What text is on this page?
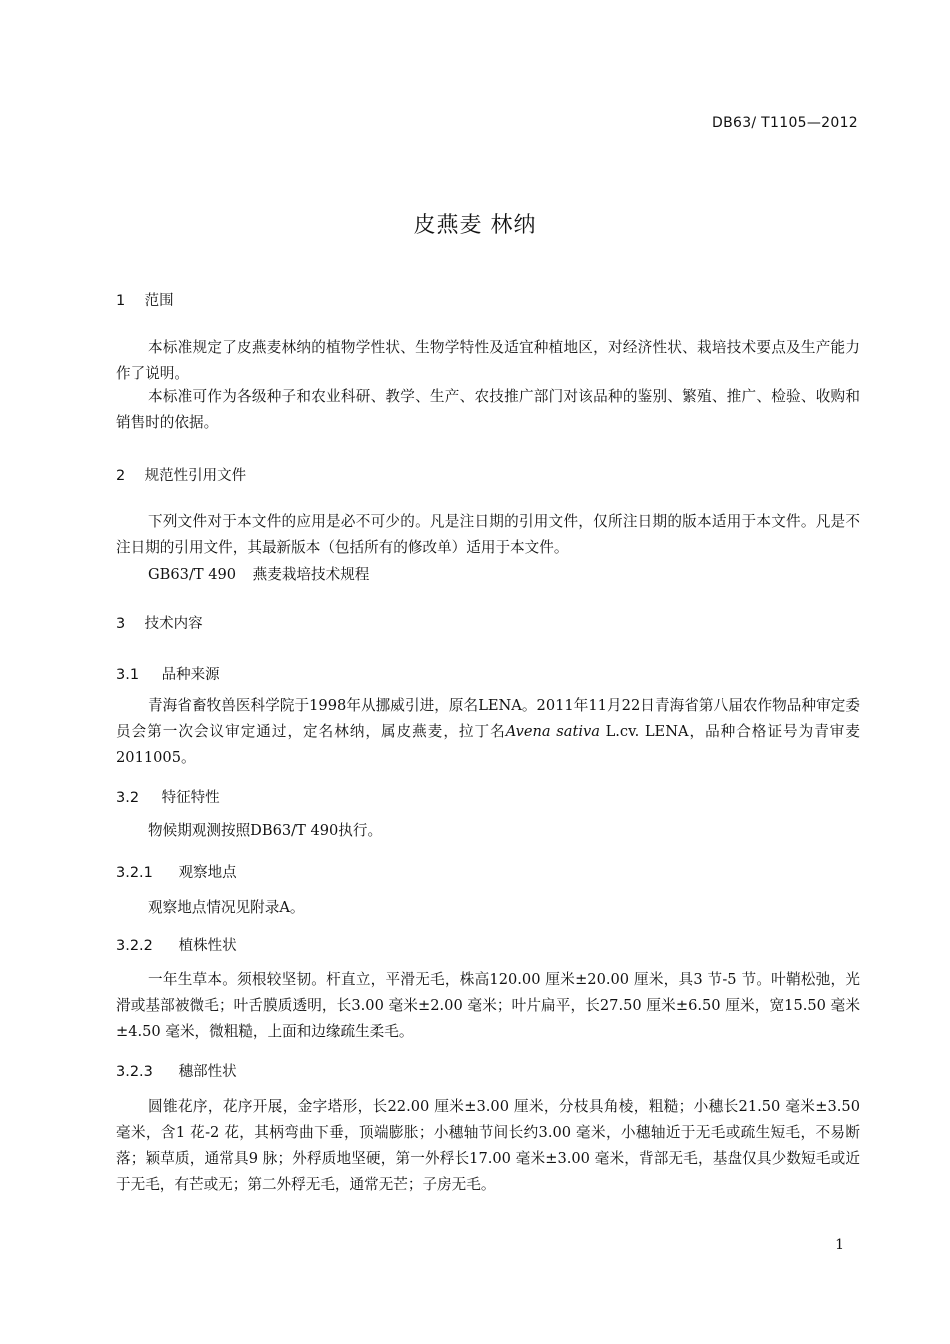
DB63/ T1105—2012
皮燕麦 林纳
1 范围

本标准规定了皮燕麦林纳的植物学性状、生物学特性及适宜种植地区，对经济性状、栽培技术要点及生产能力作了说明。

本标准可作为各级种子和农业科研、教学、生产、农技推广部门对该品种的鉴别、繁殖、推广、检验、收购和销售时的依据。

2 规范性引用文件

下列文件对于本文件的应用是必不可少的。凡是注日期的引用文件，仅所注日期的版本适用于本文件。凡是不注日期的引用文件，其最新版本（包括所有的修改单）适用于本文件。

GB63/T 490 燕麦栽培技术规程
3 技术内容
3.1 品种来源

青海省畜牧兽医科学院于1998年从挪威引进，原名LENA。2011年11月22日青海省第八届农作物品种审定委员会第一次会议审定通过，定名林纳，属皮燕麦，拉丁名Avena sativa L.cv. LENA，品种合格证号为青审麦2011005。

3.2 特征特性

物候期观测按照DB63/T 490执行。

3.2.1 观察地点

观察地点情况见附录A。

3.2.2 植株性状

一年生草本。须根较坚韧。杆直立，平滑无毛，株高120.00 厘米±20.00 厘米，具3 节-5 节。叶鞘松弛，光滑或基部被微毛；叶舌膜质透明，长3.00 毫米±2.00 毫米；叶片扁平，长27.50 厘米±6.50 厘米，宽15.50 毫米±4.50 毫米，微粗糙，上面和边缘疏生柔毛。

3.2.3 穗部性状

圆锥花序，花序开展，金字塔形，长22.00 厘米±3.00 厘米，分枝具角棱，粗糙；小穗长21.50 毫米±3.50 毫米，含1 花-2 花，其柄弯曲下垂，顶端膨胀；小穗轴节间长约3.00 毫米，小穗轴近于无毛或疏生短毛，不易断落；颖草质，通常具9 脉；外稃质地坚硬，第一外稃长17.00 毫米±3.00 毫米，背部无毛，基盘仅具少数短毛或近于无毛，有芒或无；第二外稃无毛，通常无芒；子房无毛。

1
